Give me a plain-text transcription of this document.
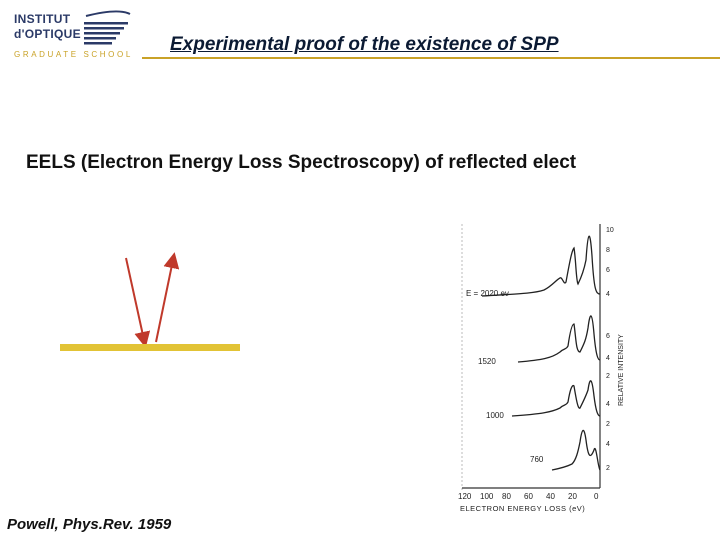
INSTITUT
d'OPTIQUE
GRADUATE SCHOOL Experimental proof of the existence of SPP
EELS (Electron Energy Loss Spectroscopy) of reflected elect
E = 2020 ev
1520
1000
760
10
8
6
4
6
4
2
4
2
4
2
RELATIVE INTENSITY
120 100 80 60 40 20 0
ELECTRON ENERGY LOSS (eV)
Powell, Phys.Rev. 1959
